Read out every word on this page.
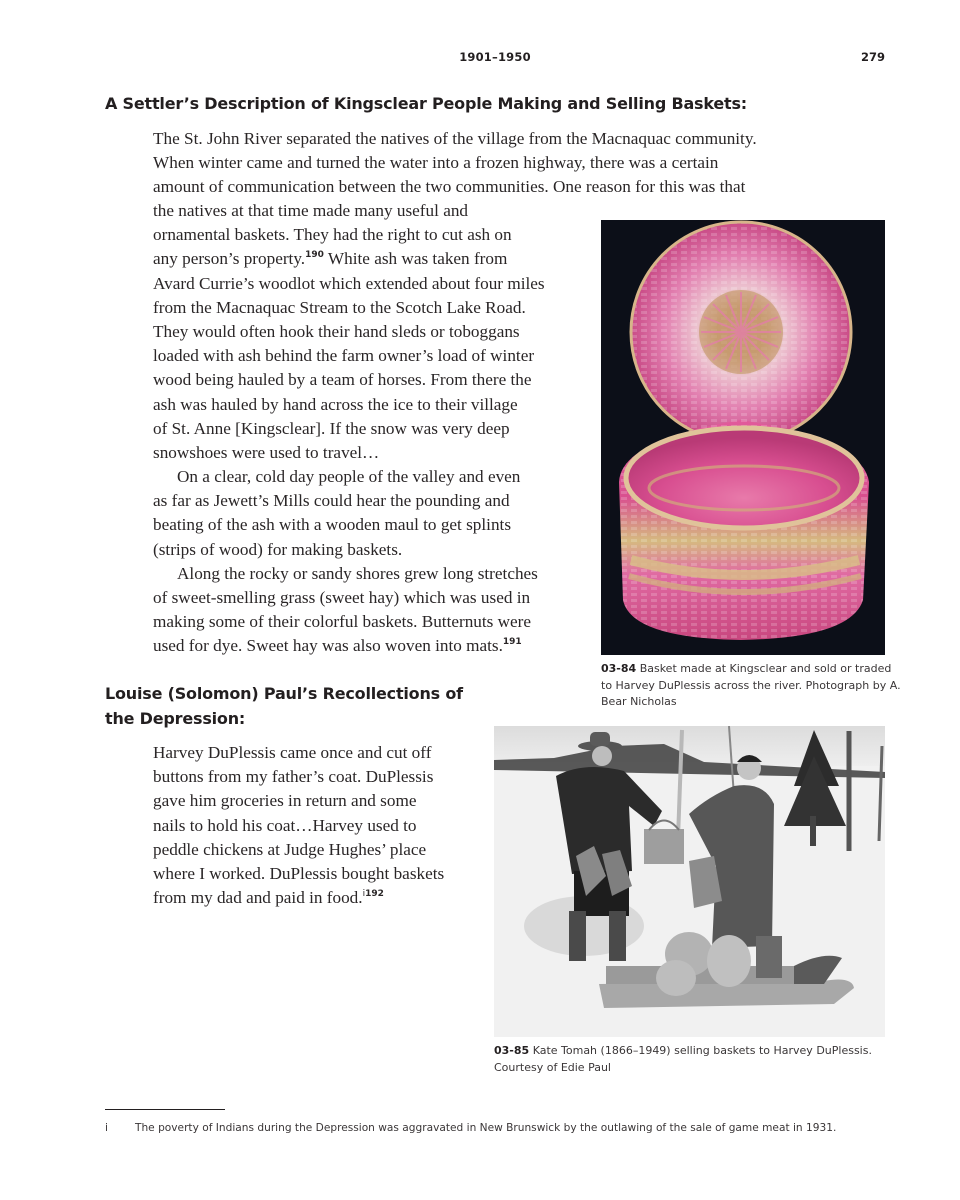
1901–1950	279
A Settler’s Description of Kingsclear People Making and Selling Baskets:
The St. John River separated the natives of the village from the Macnaquac community.
When winter came and turned the water into a frozen highway, there was a certain
amount of communication between the two communities. One reason for this was that
the natives at that time made many useful and
ornamental baskets. They had the right to cut ash on
any person’s property.$^{190}$ White ash was taken from
Avard Currie’s woodlot which extended about four miles
from the Macnaquac Stream to the Scotch Lake Road.
They would often hook their hand sleds or toboggans
loaded with ash behind the farm owner’s load of winter
wood being hauled by a team of horses. From there the
ash was hauled by hand across the ice to their village
of St. Anne [Kingsclear]. If the snow was very deep
snowshoes were used to travel…
On a clear, cold day people of the valley and even
as far as Jewett’s Mills could hear the pounding and
beating of the ash with a wooden maul to get splints
(strips of wood) for making baskets.
Along the rocky or sandy shores grew long stretches
of sweet-smelling grass (sweet hay) which was used in
making some of their colorful baskets. Butternuts were
used for dye. Sweet hay was also woven into mats.$^{191}$
03-84 Basket made at Kingsclear and sold or traded to Harvey DuPlessis across the river. Photograph by A. Bear Nicholas
Louise (Solomon) Paul’s Recollections of the Depression:
Harvey DuPlessis came once and cut off
buttons from my father’s coat. DuPlessis
gave him groceries in return and some
nails to hold his coat…Harvey used to
peddle chickens at Judge Hughes’ place
where I worked. DuPlessis bought baskets
from my dad and paid in food.$^{i192}$
03-85 Kate Tomah (1866–1949) selling baskets to Harvey DuPlessis. Courtesy of Edie Paul
i	The poverty of Indians during the Depression was aggravated in New Brunswick by the outlawing of the sale of game meat in 1931.
